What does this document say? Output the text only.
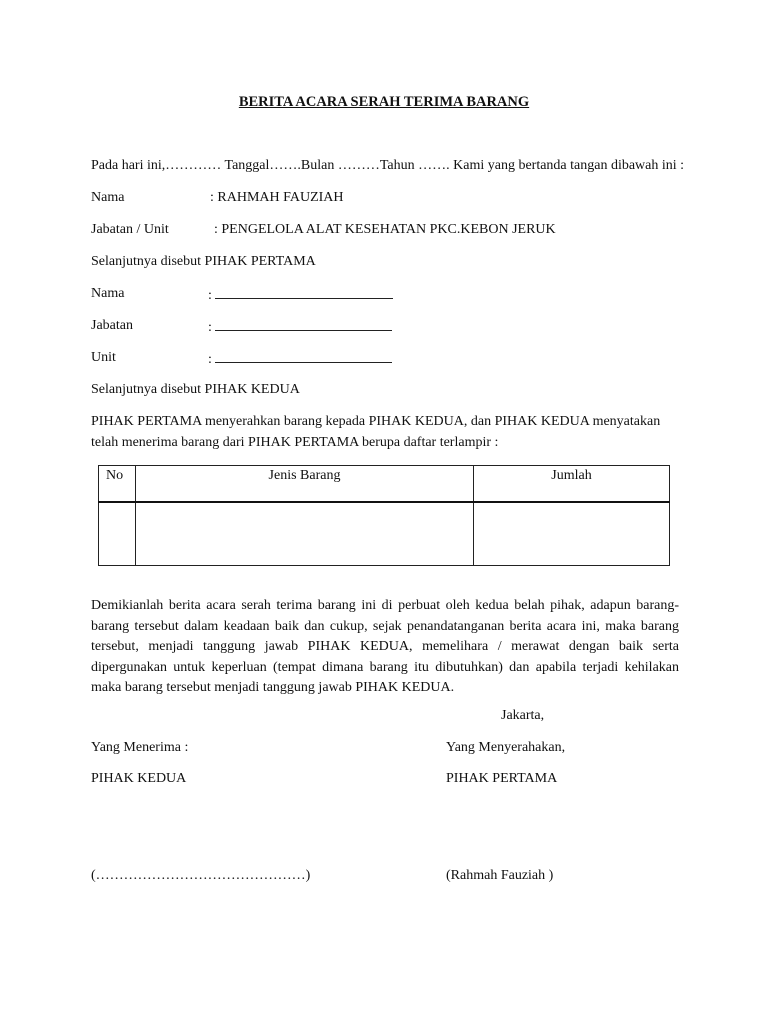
BERITA ACARA SERAH TERIMA BARANG
Pada hari ini,………… Tanggal…….Bulan ………Tahun ……. Kami yang bertanda tangan dibawah ini :
Nama	: RAHMAH FAUZIAH
Jabatan / Unit	: PENGELOLA ALAT KESEHATAN PKC.KEBON JERUK
Selanjutnya disebut PIHAK PERTAMA
Nama	:
Jabatan	:
Unit	:
Selanjutnya disebut PIHAK KEDUA
PIHAK PERTAMA menyerahkan barang kepada PIHAK KEDUA, dan PIHAK KEDUA menyatakan telah menerima barang dari PIHAK PERTAMA berupa daftar terlampir :
No	Jenis Barang	Jumlah

Demikianlah berita acara serah terima barang ini di perbuat oleh kedua belah pihak, adapun barang-barang tersebut dalam keadaan baik dan cukup, sejak penandatanganan berita acara ini, maka barang tersebut, menjadi tanggung jawab PIHAK KEDUA, memelihara / merawat dengan baik serta dipergunakan untuk keperluan (tempat dimana barang itu dibutuhkan) dan apabila terjadi kehilakan maka barang tersebut menjadi tanggung jawab PIHAK KEDUA.
Jakarta,
Yang Menerima :	Yang Menyerahakan,
PIHAK KEDUA	PIHAK PERTAMA
(………………………………………)	(Rahmah Fauziah )
